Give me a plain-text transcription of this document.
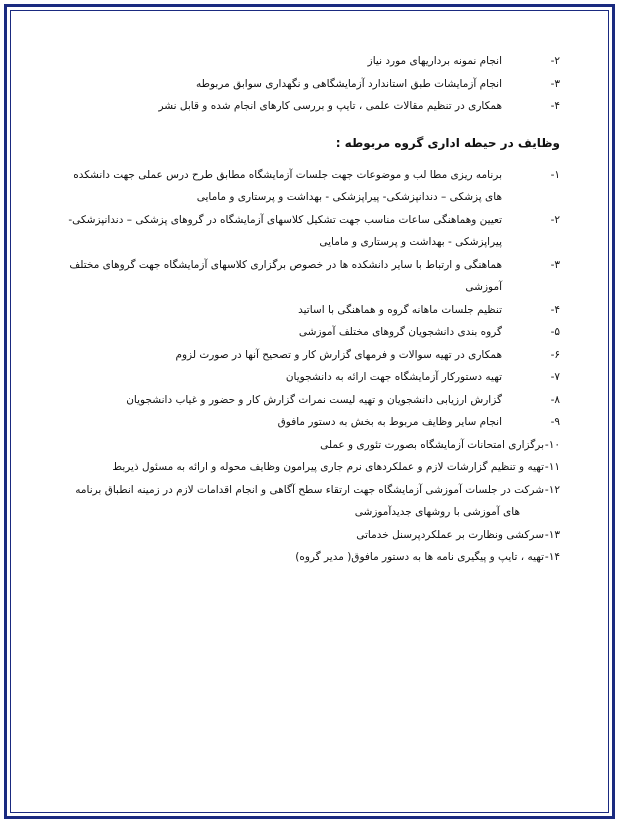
۲-انجام نمونه برداریهای مورد نیاز
۳-انجام آزمایشات طبق استاندارد آزمایشگاهی و نگهداری سوابق مربوطه
۴-همکاری در تنظیم مقالات علمی ، تایپ و بررسی کارهای انجام شده و قابل نشر
وظایف در حیطه اداری گروه مربوطه :
۱-برنامه ریزی مطا لب و موضوعات جهت جلسات آزمایشگاه مطابق طرح درس عملی جهت دانشکده
های پزشکی – دندانپزشکی- پیراپزشکی - بهداشت و پرستاری و مامایی
۲-تعیین وهماهنگی ساعات مناسب جهت تشکیل کلاسهای آزمایشگاه در گروهای پزشکی – دندانپزشکی-
پیراپزشکی - بهداشت و پرستاری و مامایی
۳-هماهنگی و ارتباط با سایر دانشکده ها در خصوص برگزاری کلاسهای آزمایشگاه جهت گروهای مختلف
آموزشی
۴-تنظیم جلسات ماهانه گروه و هماهنگی با اساتید
۵-گروه بندی دانشجویان گروهای مختلف آموزشی
۶-همکاری در تهیه سوالات و فرمهای گزارش کار و تصحیح آنها در صورت لزوم
۷-تهیه دستورکار آزمایشگاه جهت ارائه به دانشجویان
۸-گزارش ارزیابی دانشجویان و تهیه لیست نمرات گزارش کار و حضور و غیاب دانشجویان
۹-انجام سایر وظایف مربوط به بخش به دستور مافوق
۱۰-برگزاری امتحانات آزمایشگاه بصورت تئوری و عملی
۱۱-تهیه و تنظیم گزارشات لازم و عملکردهای نرم جاری پیرامون وظایف محوله و ارائه به مسئول ذیربط
۱۲-شرکت در جلسات آموزشی آزمایشگاه جهت ارتقاء سطح آگاهی و انجام اقدامات لازم در زمینه انطباق برنامه
های آموزشی با روشهای جدیدآموزشی
۱۳-سرکشی ونظارت بر عملکردپرسنل خدماتی
۱۴-تهیه ، تایپ و پیگیری نامه ها به دستور مافوق( مدیر گروه)
